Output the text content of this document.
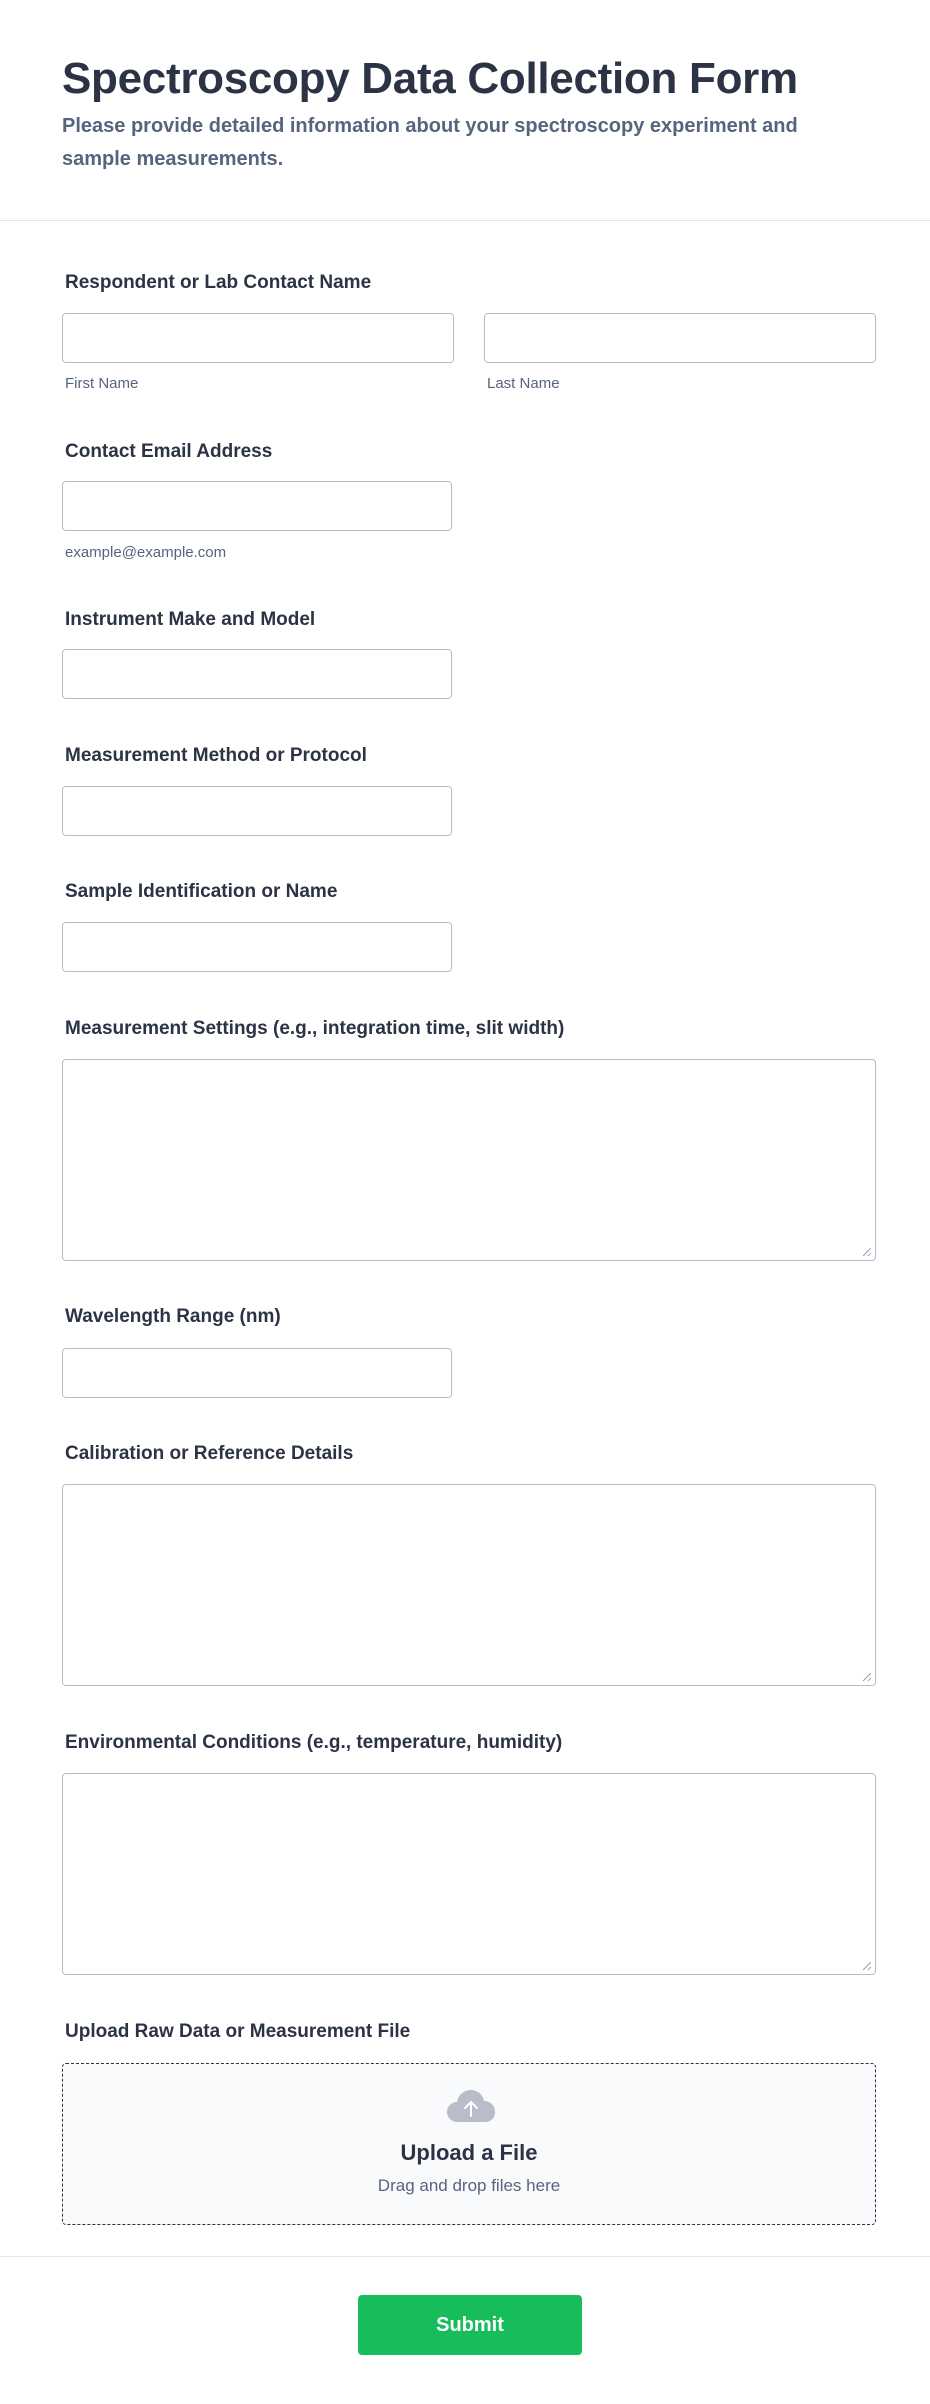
Spectroscopy Data Collection Form

Please provide detailed information about your spectroscopy experiment and sample measurements.

Respondent or Lab Contact Name
First Name	Last Name
Contact Email Address
example@example.com
Instrument Make and Model
Measurement Method or Protocol
Sample Identification or Name
Measurement Settings (e.g., integration time, slit width)
Wavelength Range (nm)
Calibration or Reference Details
Environmental Conditions (e.g., temperature, humidity)
Upload Raw Data or Measurement File
Upload a File
Drag and drop files here
Submit
